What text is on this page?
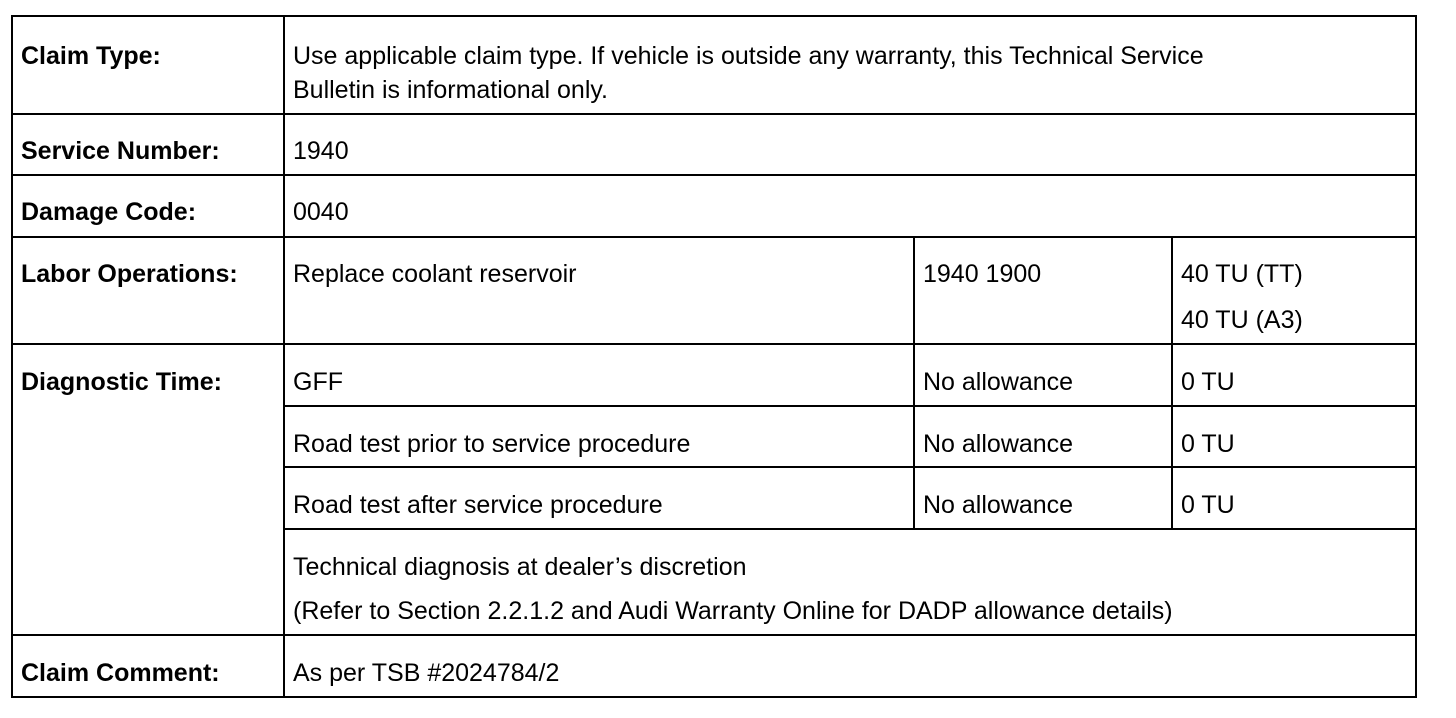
Claim Type:	Use applicable claim type. If vehicle is outside any warranty, this Technical Service
Bulletin is informational only.		

Service Number:	1940		
Damage Code:	0040		
Labor Operations:	Replace coolant reservoir	1940 1900	40 TU (TT)
40 TU (A3)

Diagnostic Time:	GFF	No allowance	0 TU
	Road test prior to service procedure	No allowance	0 TU
	Road test after service procedure	No allowance	0 TU

	Technical diagnosis at dealer’s discretion
(Refer to Section 2.2.1.2 and Audi Warranty Online for DADP allowance details)		

Claim Comment:	As per TSB #2024784/2		
